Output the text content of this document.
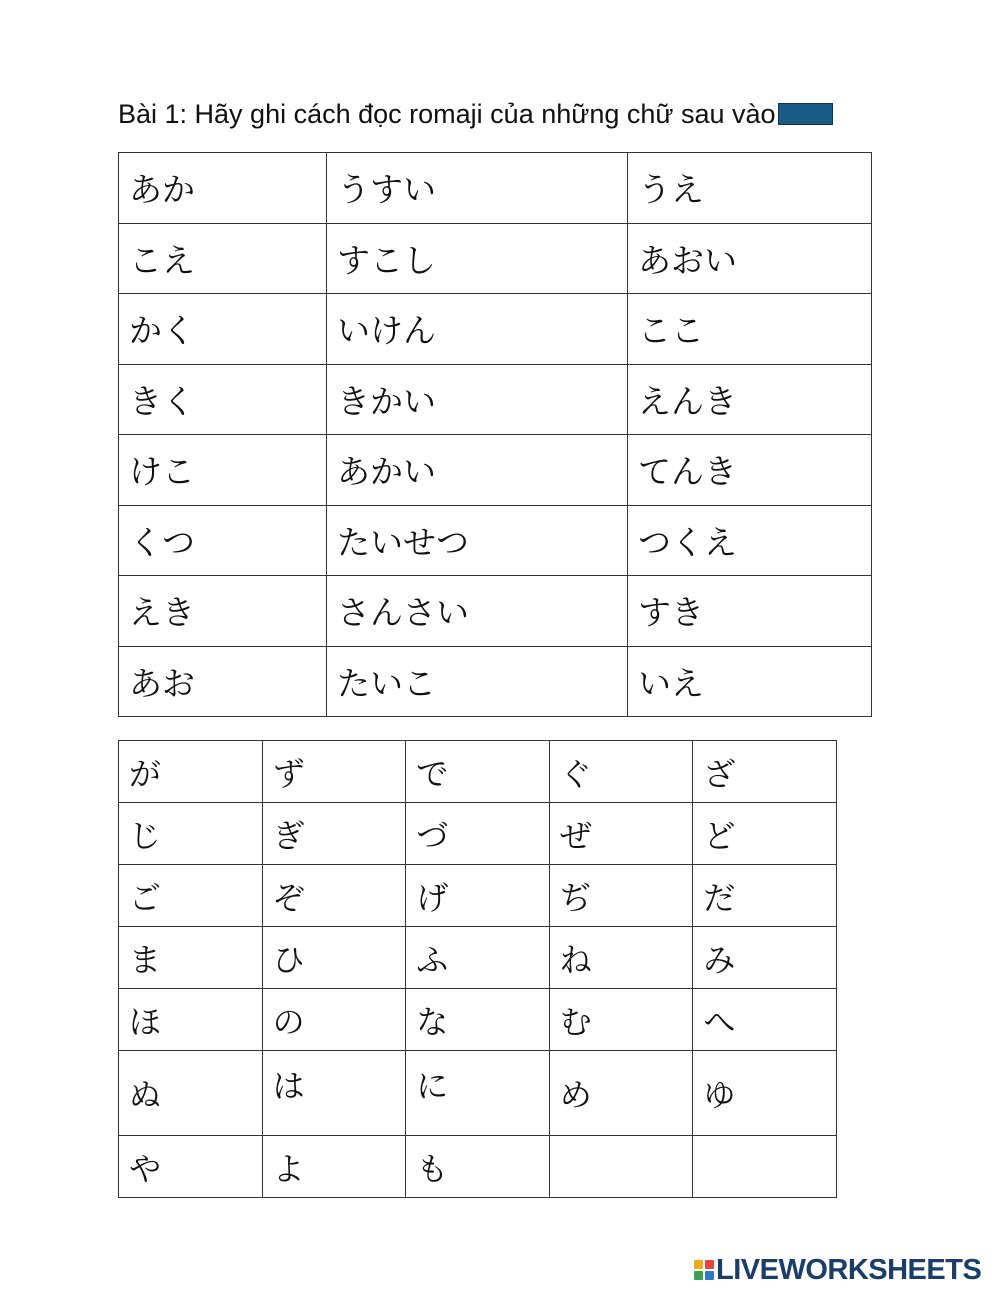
Bài 1: Hãy ghi cách đọc romaji của những chữ sau vào
あか	うすい	うえ
こえ	すこし	あおい
かく	いけん	ここ
きく	きかい	えんき
けこ	あかい	てんき
くつ	たいせつ	つくえ
えき	さんさい	すき
あお	たいこ	いえ
が	ず	で	ぐ	ざ
じ	ぎ	づ	ぜ	ど
ご	ぞ	げ	ぢ	だ
ま	ひ	ふ	ね	み
ほ	の	な	む	へ
ぬ	は	に	め	ゆ
や	よ	も		
LIVEWORKSHEETS
